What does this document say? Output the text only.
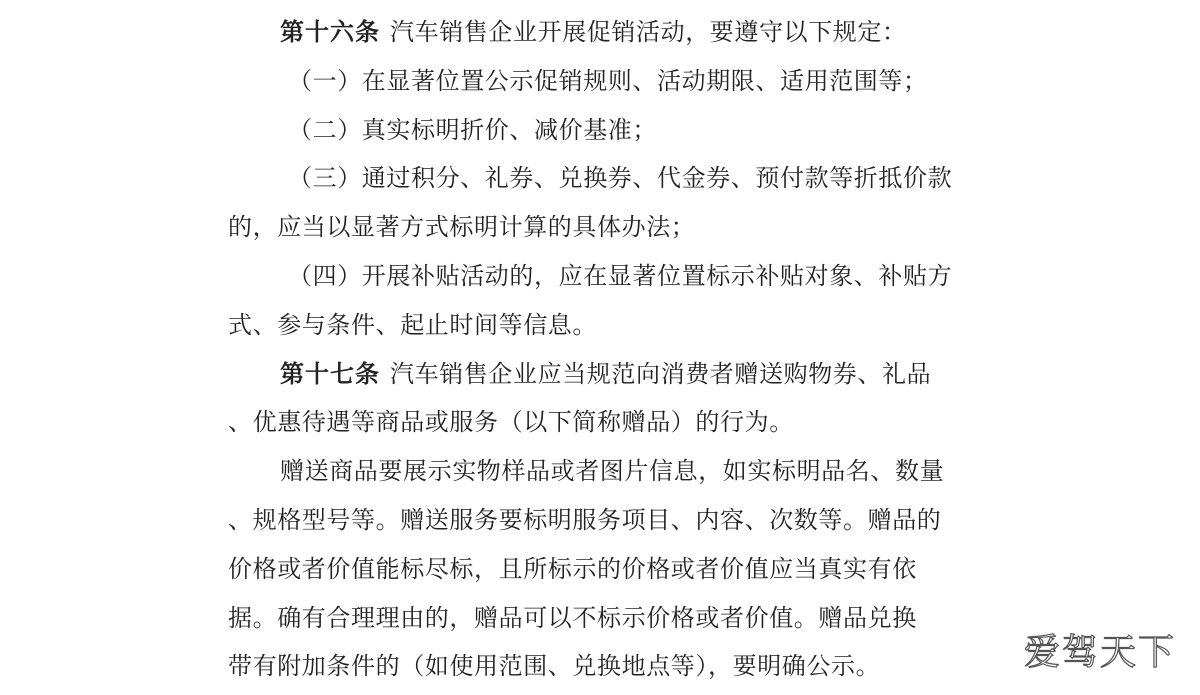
第十六条 汽车销售企业开展促销活动，要遵守以下规定：
（一）在显著位置公示促销规则、活动期限、适用范围等；
（二）真实标明折价、减价基准；
（三）通过积分、礼券、兑换券、代金券、预付款等折抵价款
的，应当以显著方式标明计算的具体办法；
（四）开展补贴活动的，应在显著位置标示补贴对象、补贴方
式、参与条件、起止时间等信息。
第十七条 汽车销售企业应当规范向消费者赠送购物券、礼品
、优惠待遇等商品或服务（以下简称赠品）的行为。
赠送商品要展示实物样品或者图片信息，如实标明品名、数量
、规格型号等。赠送服务要标明服务项目、内容、次数等。赠品的
价格或者价值能标尽标，且所标示的价格或者价值应当真实有依
据。确有合理理由的，赠品可以不标示价格或者价值。赠品兑换
带有附加条件的（如使用范围、兑换地点等），要明确公示。	爱驾天下
